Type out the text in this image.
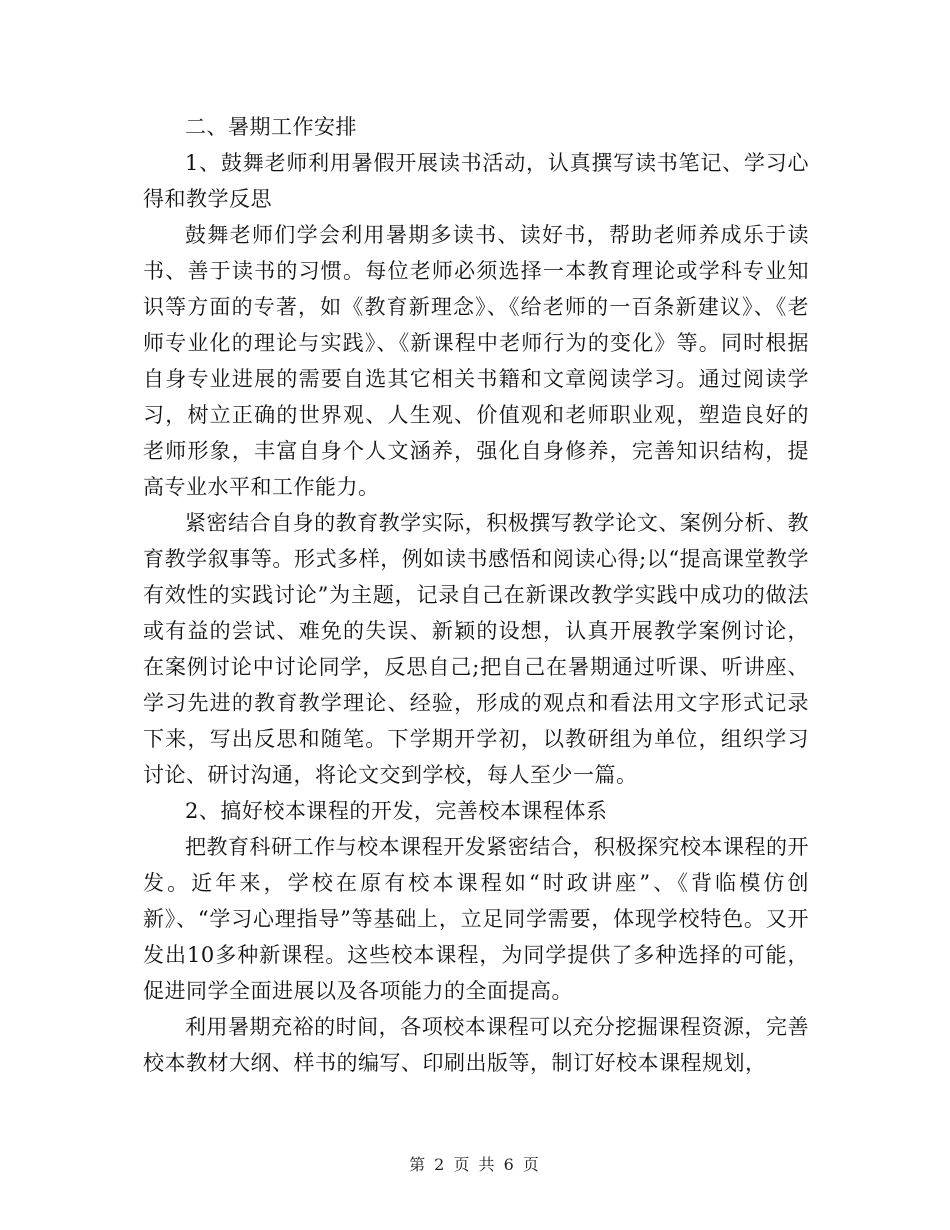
二、暑期工作安排

1、鼓舞老师利用暑假开展读书活动，认真撰写读书笔记、学习心得和教学反思

鼓舞老师们学会利用暑期多读书、读好书，帮助老师养成乐于读书、善于读书的习惯。每位老师必须选择一本教育理论或学科专业知识等方面的专著，如《教育新理念》、《给老师的一百条新建议》、《老师专业化的理论与实践》、《新课程中老师行为的变化》等。同时根据自身专业进展的需要自选其它相关书籍和文章阅读学习。通过阅读学习，树立正确的世界观、人生观、价值观和老师职业观，塑造良好的老师形象，丰富自身个人文涵养，强化自身修养，完善知识结构，提高专业水平和工作能力。

紧密结合自身的教育教学实际，积极撰写教学论文、案例分析、教育教学叙事等。形式多样，例如读书感悟和阅读心得;以“提高课堂教学有效性的实践讨论”为主题，记录自己在新课改教学实践中成功的做法或有益的尝试、难免的失误、新颖的设想，认真开展教学案例讨论，在案例讨论中讨论同学，反思自己;把自己在暑期通过听课、听讲座、学习先进的教育教学理论、经验，形成的观点和看法用文字形式记录下来，写出反思和随笔。下学期开学初，以教研组为单位，组织学习讨论、研讨沟通，将论文交到学校，每人至少一篇。

2、搞好校本课程的开发，完善校本课程体系

把教育科研工作与校本课程开发紧密结合，积极探究校本课程的开发。近年来，学校在原有校本课程如“时政讲座”、《背临模仿创新》、“学习心理指导”等基础上，立足同学需要，体现学校特色。又开发出10多种新课程。这些校本课程，为同学提供了多种选择的可能，促进同学全面进展以及各项能力的全面提高。

利用暑期充裕的时间，各项校本课程可以充分挖掘课程资源，完善校本教材大纲、样书的编写、印刷出版等，制订好校本课程规划，

第 2 页 共 6 页
